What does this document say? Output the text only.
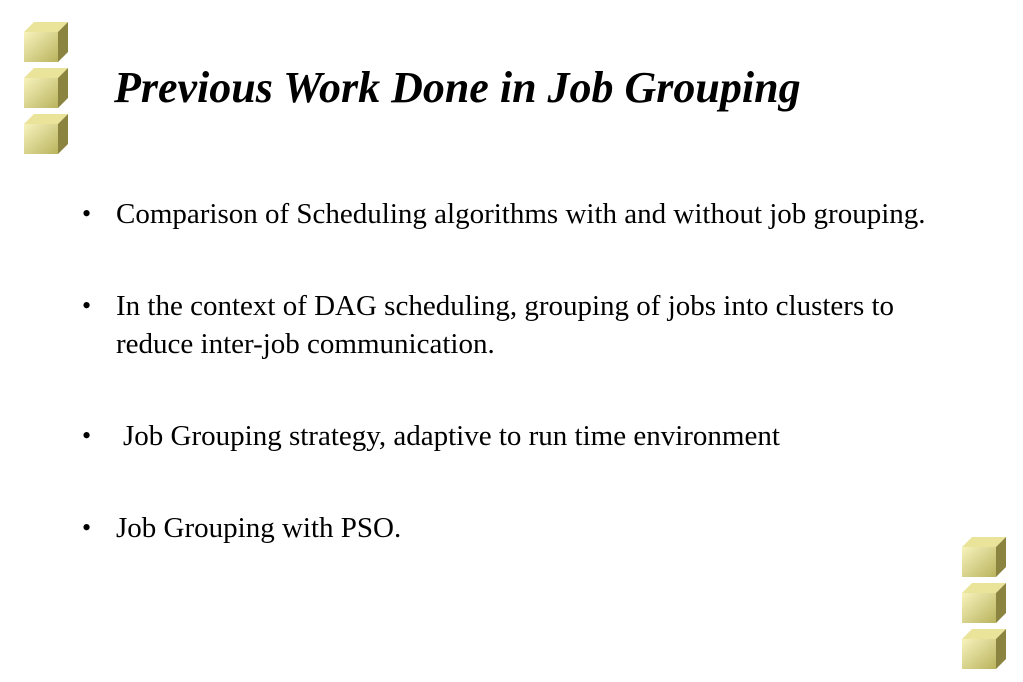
Previous Work Done in Job Grouping
• Comparison of Scheduling algorithms with and without job grouping.
• In the context of DAG scheduling, grouping of jobs into clusters to reduce inter-job communication.
•	Job Grouping strategy, adaptive to run time environment
• Job Grouping with PSO.
